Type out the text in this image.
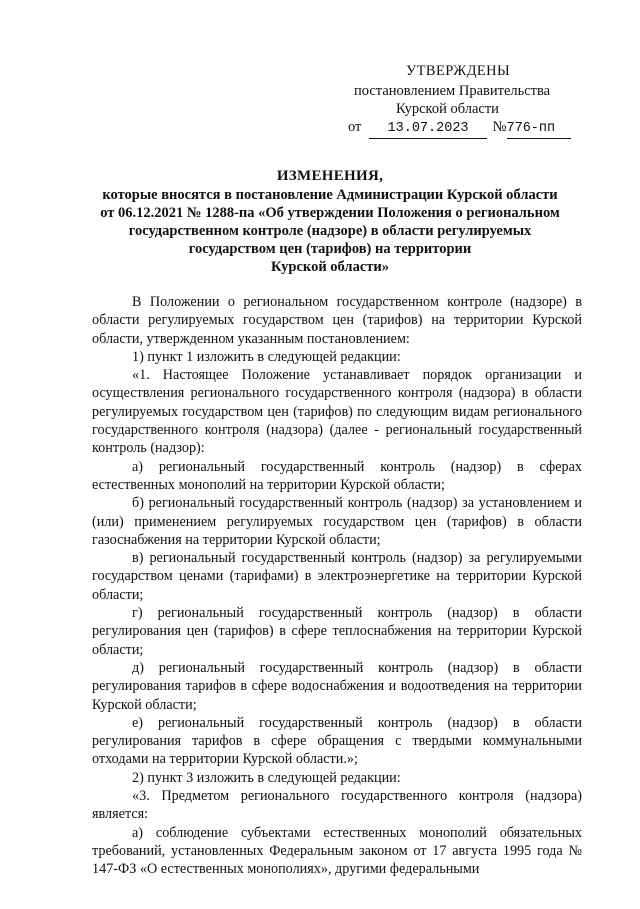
УТВЕРЖДЕНЫ
постановлением Правительства
Курской области
от 13.07.2023 №776-пп
ИЗМЕНЕНИЯ,
которые вносятся в постановление Администрации Курской области
от 06.12.2021 № 1288-па «Об утверждении Положения о региональном
государственном контроле (надзоре) в области регулируемых
государством цен (тарифов) на территории
Курской области»

В Положении о региональном государственном контроле (надзоре) в области регулируемых государством цен (тарифов) на территории Курской области, утвержденном указанным постановлением:

1) пункт 1 изложить в следующей редакции:

«1. Настоящее Положение устанавливает порядок организации и осуществления регионального государственного контроля (надзора) в области регулируемых государством цен (тарифов) по следующим видам регионального государственного контроля (надзора) (далее - региональный государственный контроль (надзор):

а) региональный государственный контроль (надзор) в сферах естественных монополий на территории Курской области;

б) региональный государственный контроль (надзор) за установлением и (или) применением регулируемых государством цен (тарифов) в области газоснабжения на территории Курской области;

в) региональный государственный контроль (надзор) за регулируемыми государством ценами (тарифами) в электроэнергетике на территории Курской области;

г) региональный государственный контроль (надзор) в области регулирования цен (тарифов) в сфере теплоснабжения на территории Курской области;

д) региональный государственный контроль (надзор) в области регулирования тарифов в сфере водоснабжения и водоотведения на территории Курской области;

е) региональный государственный контроль (надзор) в области регулирования тарифов в сфере обращения с твердыми коммунальными отходами на территории Курской области.»;

2) пункт 3 изложить в следующей редакции:

«3. Предметом регионального государственного контроля (надзора) является:

а) соблюдение субъектами естественных монополий обязательных требований, установленных Федеральным законом от 17 августа 1995 года № 147-ФЗ «О естественных монополиях», другими федеральными
